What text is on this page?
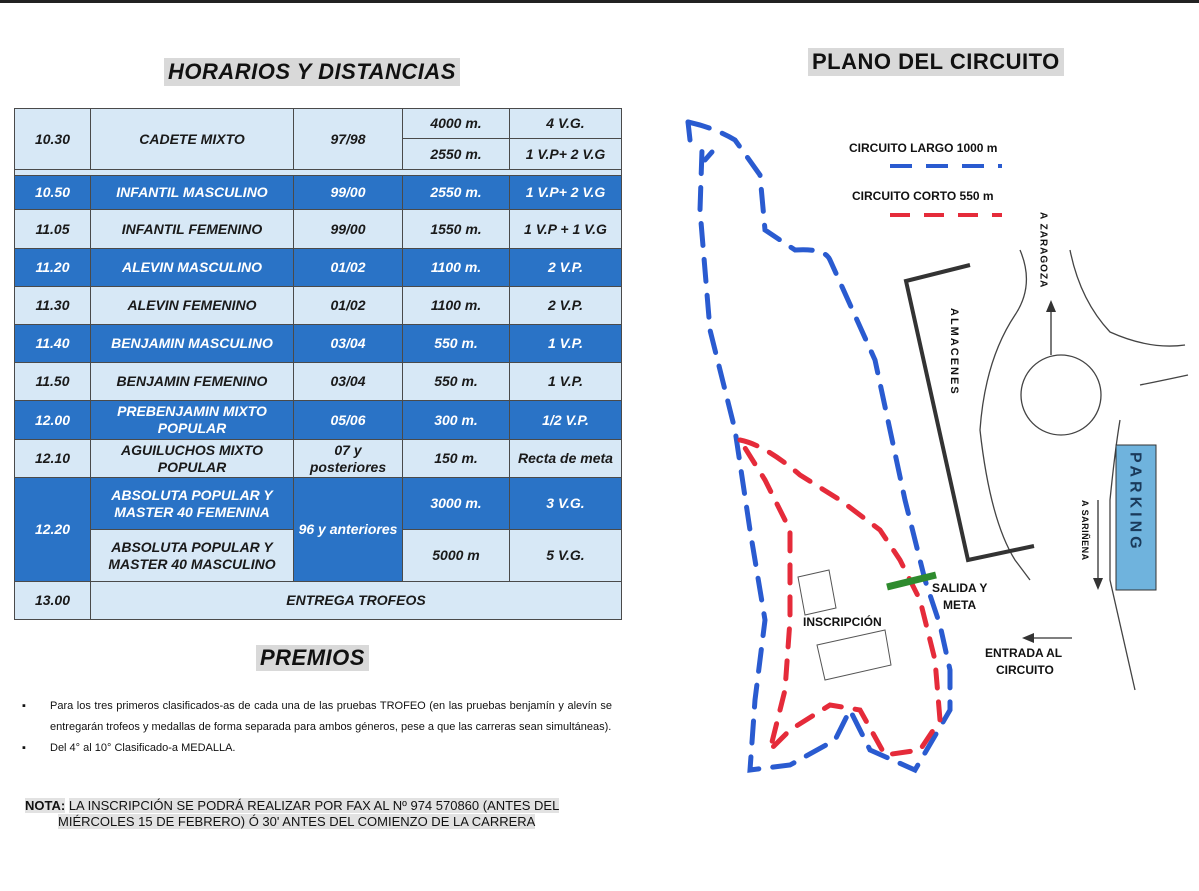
HORARIOS Y DISTANCIAS
10.30	CADETE MIXTO	97/98	4000 m.	4 V.G.
			2550 m.	1 V.P+ 2 V.G

10.50	INFANTIL MASCULINO	99/00	2550 m.	1 V.P+ 2 V.G
11.05	INFANTIL FEMENINO	99/00	1550 m.	1 V.P + 1 V.G
11.20	ALEVIN MASCULINO	01/02	1100 m.	2 V.P.
11.30	ALEVIN FEMENINO	01/02	1100 m.	2 V.P.
11.40	BENJAMIN MASCULINO	03/04	550 m.	1 V.P.
11.50	BENJAMIN FEMENINO	03/04	550 m.	1 V.P.
12.00	PREBENJAMIN MIXTO POPULAR	05/06	300 m.	1/2 V.P.
12.10	AGUILUCHOS MIXTO POPULAR	07 y posteriores	150 m.	Recta de meta
12.20	ABSOLUTA POPULAR Y MASTER 40 FEMENINA	96 y anteriores	3000 m.	3 V.G.
	ABSOLUTA POPULAR Y MASTER 40 MASCULINO		5000 m	5 V.G.
13.00	ENTREGA TROFEOS			
PREMIOS
▪ Para los tres primeros clasificados-as de cada una de las pruebas TROFEO (en las pruebas benjamín y alevín se entregarán trofeos y medallas de forma separada para ambos géneros, pese a que las carreras sean simultáneas).
▪ Del 4° al 10° Clasificado-a MEDALLA.
NOTA: LA INSCRIPCIÓN SE PODRÁ REALIZAR POR FAX AL Nº 974 570860 (ANTES DEL
MIÉRCOLES 15 DE FEBRERO) Ó 30' ANTES DEL COMIENZO DE LA CARRERA
PLANO DEL CIRCUITO
CIRCUITO LARGO 1000 m
CIRCUITO CORTO 550 m
A ZARAGOZA
ALMACENES
PARKING
A SARIÑENA
SALIDA Y
META
INSCRIPCIÓN
ENTRADA AL
CIRCUITO
